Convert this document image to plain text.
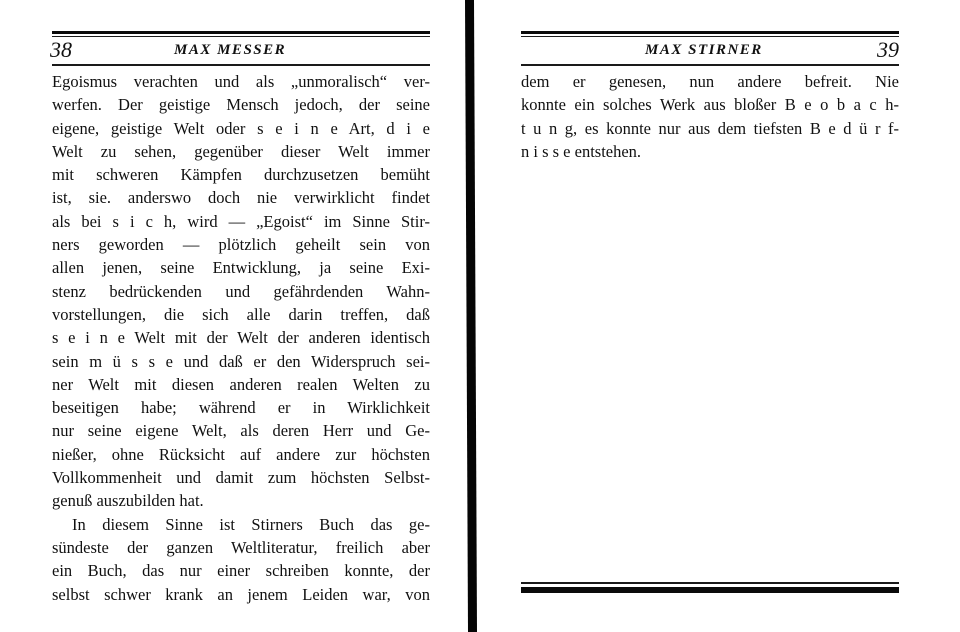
38	MAX MESSER
Egoismus verachten und als „unmoralisch“ ver-
werfen. Der geistige Mensch jedoch, der seine
eigene, geistige Welt oder s e i n e Art, d i e
Welt zu sehen, gegenüber dieser Welt immer
mit schweren Kämpfen durchzusetzen bemüht
ist, sie. anderswo doch nie verwirklicht findet
als bei s i c h, wird — „Egoist“ im Sinne Stir-
ners geworden — plötzlich geheilt sein von
allen jenen, seine Entwicklung, ja seine Exi-
stenz bedrückenden und gefährdenden Wahn-
vorstellungen, die sich alle darin treffen, daß
s e i n e Welt mit der Welt der anderen identisch
sein m ü s s e und daß er den Widerspruch sei-
ner Welt mit diesen anderen realen Welten zu
beseitigen habe; während er in Wirklichkeit
nur seine eigene Welt, als deren Herr und Ge-
nießer, ohne Rücksicht auf andere zur höchsten
Vollkommenheit und damit zum höchsten Selbst-
genuß auszubilden hat.
In diesem Sinne ist Stirners Buch das ge-
sündeste der ganzen Weltliteratur, freilich aber
ein Buch, das nur einer schreiben konnte, der
selbst schwer krank an jenem Leiden war, von
MAX STIRNER	39
dem er genesen, nun andere befreit. Nie
konnte ein solches Werk aus bloßer B e o b a c h-
t u n g, es konnte nur aus dem tiefsten B e d ü r f-
n i s s e entstehen.
